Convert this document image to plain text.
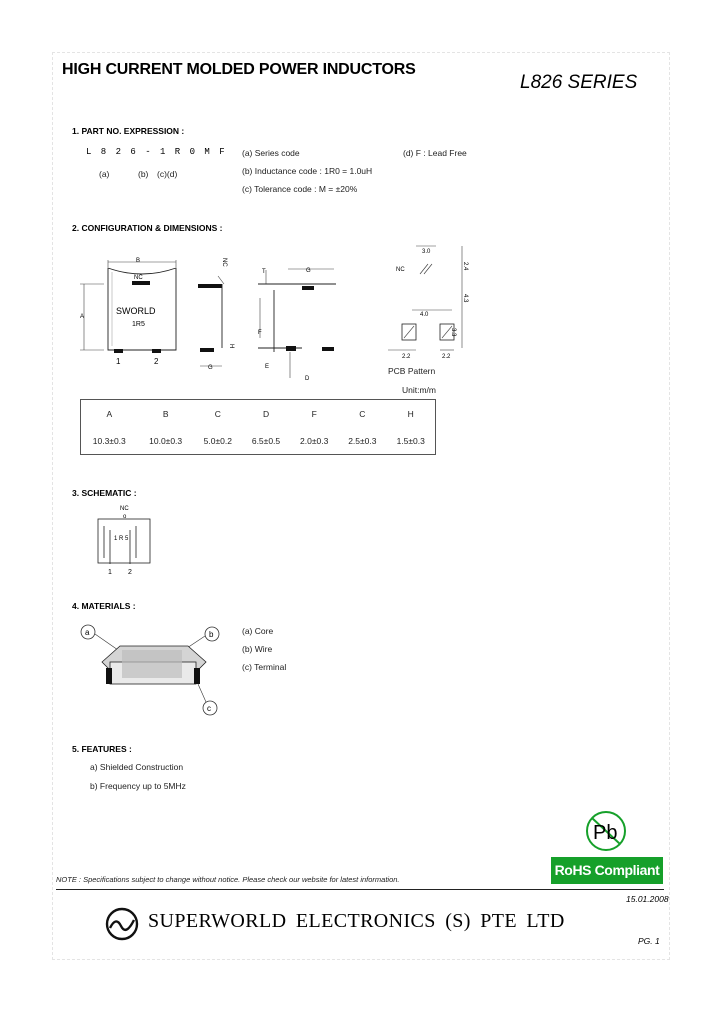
HIGH CURRENT MOLDED POWER INDUCTORS
L826 SERIES
1. PART NO. EXPRESSION :
L 8 2 6 - 1 R 0 M F
(a)	(b) (c)(d)
(a) Series code
(b) Inductance code : 1R0 = 1.0uH
(c) Tolerance code : M = ±20%
(d) F : Lead Free
2. CONFIGURATION & DIMENSIONS :
B
NC
SWORLD
1R5
1	2
A
NC
H
G
T	G
F
E
D
3.0
NC	2.4
4.3
4.0
3.3
2.2	2.2
PCB Pattern
Unit:m/m
A	B	C	D	F	C	H
10.3±0.3	10.0±0.3	5.0±0.2	6.5±0.5	2.0±0.3	2.5±0.3	1.5±0.3
3. SCHEMATIC :
NC
o
1 R 5
1 2
4. MATERIALS :
a	b
c
(a) Core
(b) Wire
(c) Terminal
5. FEATURES :
a) Shielded Construction
b) Frequency up to 5MHz
Pb
RoHS Compliant
NOTE : Specifications subject to change without notice. Please check our website for latest information.
15.01.2008
SUPERWORLD ELECTRONICS (S) PTE LTD
PG. 1
